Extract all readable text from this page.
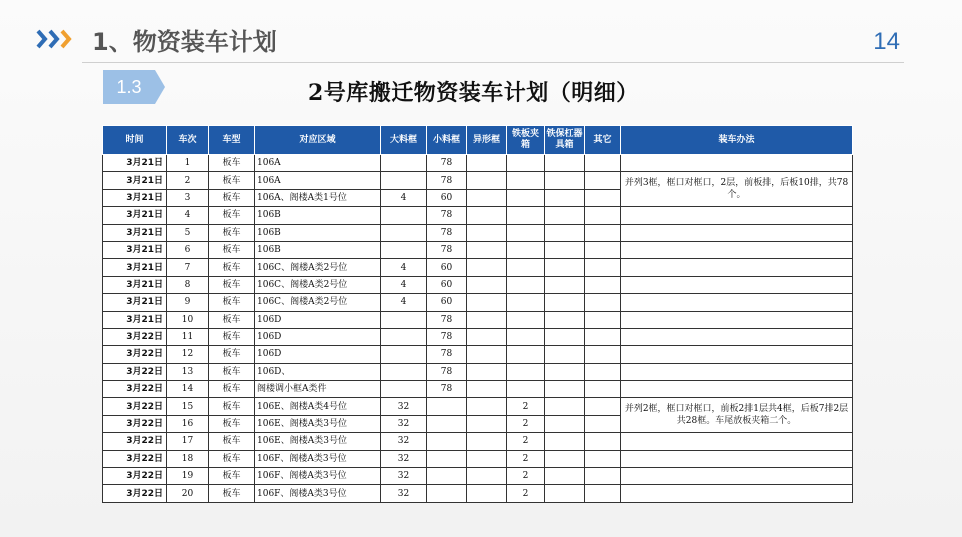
1、物资装车计划	14
1.3	2号库搬迁物资装车计划（明细）
时间	车次	车型	对应区域	大料框	小料框	异形框	铁板夹箱	铁保杠器具箱	其它	装车办法
3月21日	1	板车	106A		78					
3月21日	2	板车	106A		78					并列3框，框口对框口，2层，前板排，后板10排，共78个。
3月21日	3	板车	106A、阁楼A类1号位	4	60					
3月21日	4	板车	106B		78					
3月21日	5	板车	106B		78					
3月21日	6	板车	106B		78					
3月21日	7	板车	106C、阁楼A类2号位	4	60					
3月21日	8	板车	106C、阁楼A类2号位	4	60					
3月21日	9	板车	106C、阁楼A类2号位	4	60					
3月21日	10	板车	106D		78					
3月22日	11	板车	106D		78					
3月22日	12	板车	106D		78					
3月22日	13	板车	106D、		78					
3月22日	14	板车	阁楼调小框A类件		78					
3月22日	15	板车	106E、阁楼A类4号位	32			2			并列2框，框口对框口，前板2排1层共4框，后板7排2层共28框。车尾放板夹箱二个。
3月22日	16	板车	106E、阁楼A类3号位	32			2			
3月22日	17	板车	106E、阁楼A类3号位	32			2			
3月22日	18	板车	106F、阁楼A类3号位	32			2			
3月22日	19	板车	106F、阁楼A类3号位	32			2			
3月22日	20	板车	106F、阁楼A类3号位	32			2			
